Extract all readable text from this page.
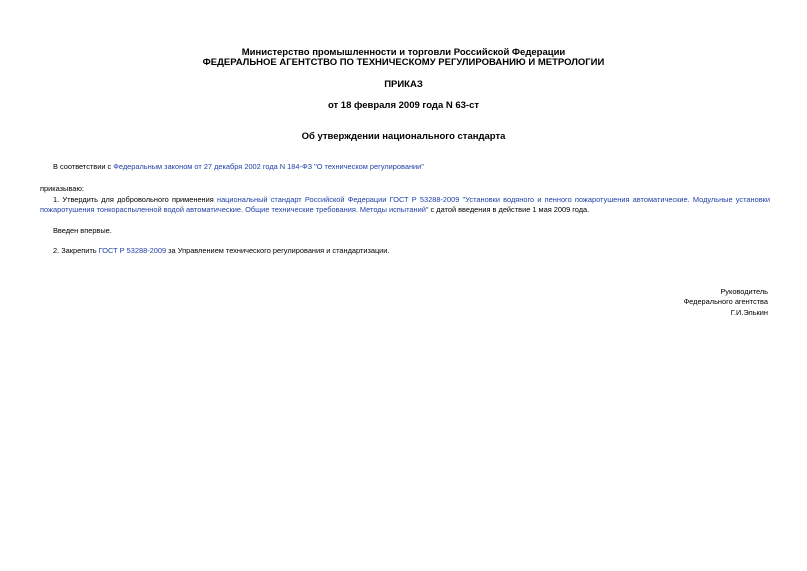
Министерство промышленности и торговли Российской Федерации
ФЕДЕРАЛЬНОЕ АГЕНТСТВО ПО ТЕХНИЧЕСКОМУ РЕГУЛИРОВАНИЮ И МЕТРОЛОГИИ
ПРИКАЗ
от 18 февраля 2009 года N 63-ст
Об утверждении национального стандарта
В соответствии с Федеральным законом от 27 декабря 2002 года N 184-ФЗ "О техническом регулировании"
приказываю:
1. Утвердить для добровольного применения национальный стандарт Российской Федерации ГОСТ Р 53288-2009 "Установки водяного и пенного пожаротушения автоматические. Модульные установки
пожаротушения тонкораспыленной водой автоматические. Общие технические требования. Методы испытаний" с датой введения в действие 1 мая 2009 года.
Введен впервые.
2. Закрепить ГОСТ Р 53288-2009 за Управлением технического регулирования и стандартизации.
Руководитель
Федерального агентства
Г.И.Элькин
